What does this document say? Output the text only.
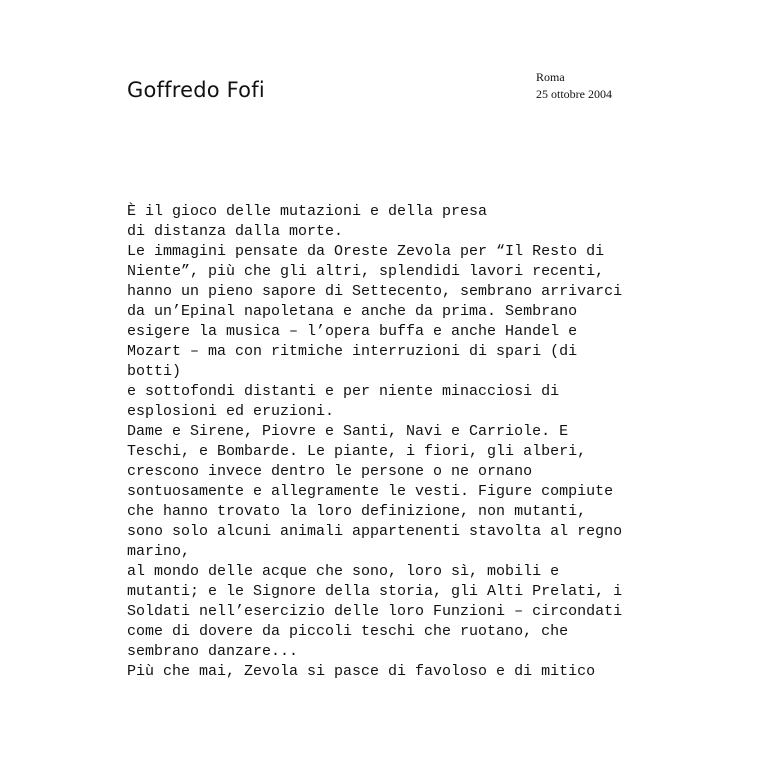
Goffredo Fofi
Roma
25 ottobre 2004
È il gioco delle mutazioni e della presa
di distanza dalla morte.
Le immagini pensate da Oreste Zevola per “Il Resto di
Niente”, più che gli altri, splendidi lavori recenti,
hanno un pieno sapore di Settecento, sembrano arrivarci
da un’Epinal napoletana e anche da prima. Sembrano
esigere la musica – l’opera buffa e anche Handel e
Mozart – ma con ritmiche interruzioni di spari (di
botti)
e sottofondi distanti e per niente minacciosi di
esplosioni ed eruzioni.
Dame e Sirene, Piovre e Santi, Navi e Carriole. E
Teschi, e Bombarde. Le piante, i fiori, gli alberi,
crescono invece dentro le persone o ne ornano
sontuosamente e allegramente le vesti. Figure compiute
che hanno trovato la loro definizione, non mutanti,
sono solo alcuni animali appartenenti stavolta al regno
marino,
al mondo delle acque che sono, loro sì, mobili e
mutanti; e le Signore della storia, gli Alti Prelati, i
Soldati nell’esercizio delle loro Funzioni – circondati
come di dovere da piccoli teschi che ruotano, che
sembrano danzare...
Più che mai, Zevola si pasce di favoloso e di mitico
